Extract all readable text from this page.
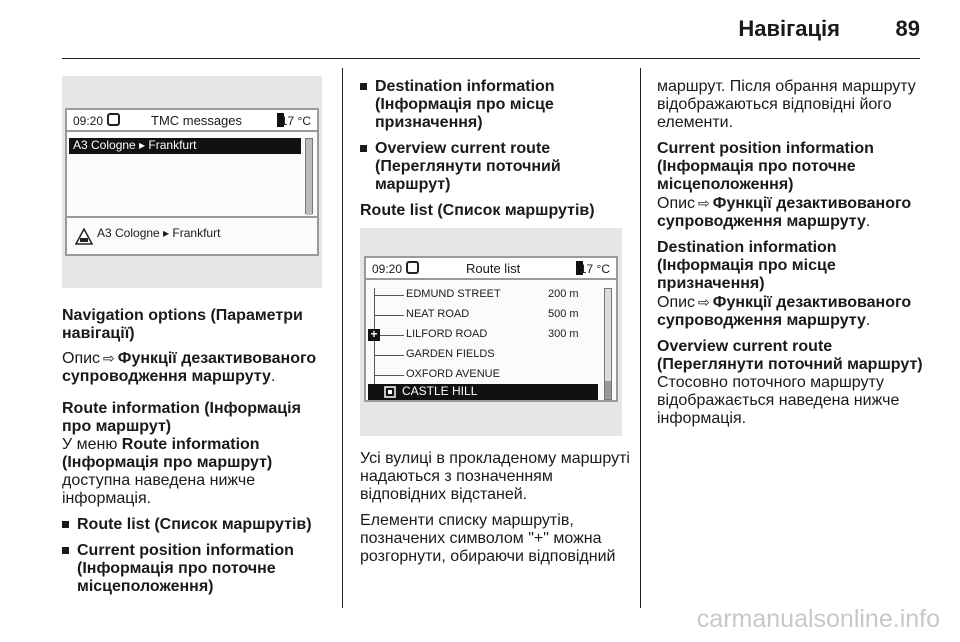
Навігація	89
09:20	TMC messages	17 °C
A3 Cologne ▸ Frankfurt
A3 Cologne ▸ Frankfurt

Navigation options (Параметри навігації)

Опис ⇨ Функції дезактивованого супроводження маршруту.

Route information (Інформація про маршрут)

У меню Route information (Інформація про маршрут) доступна наведена нижче інформація.

Route list (Список маршрутів)

Current position information (Інформація про поточне місцеположення)

Destination information (Інформація про місце призначення)

Overview current route (Переглянути поточний маршрут)

Route list (Список маршрутів)

09:20	Route list	17 °C
+
EDMUND STREET	200 m
NEAT ROAD	500 m
LILFORD ROAD	300 m
GARDEN FIELDS
OXFORD AVENUE
CASTLE HILL

Усі вулиці в прокладеному маршруті надаються з позначенням відповідних відстаней.

Елементи списку маршрутів, позначених символом "+" можна розгорнути, обираючи відповідний

маршрут. Після обрання маршруту відображаються відповідні його елементи.

Current position information (Інформація про поточне місцеположення)

Опис ⇨ Функції дезактивованого супроводження маршруту.

Destination information (Інформація про місце призначення)

Опис ⇨ Функції дезактивованого супроводження маршруту.

Overview current route (Переглянути поточний маршрут)

Стосовно поточного маршруту відображається наведена нижче інформація.

carmanualsonline.info
